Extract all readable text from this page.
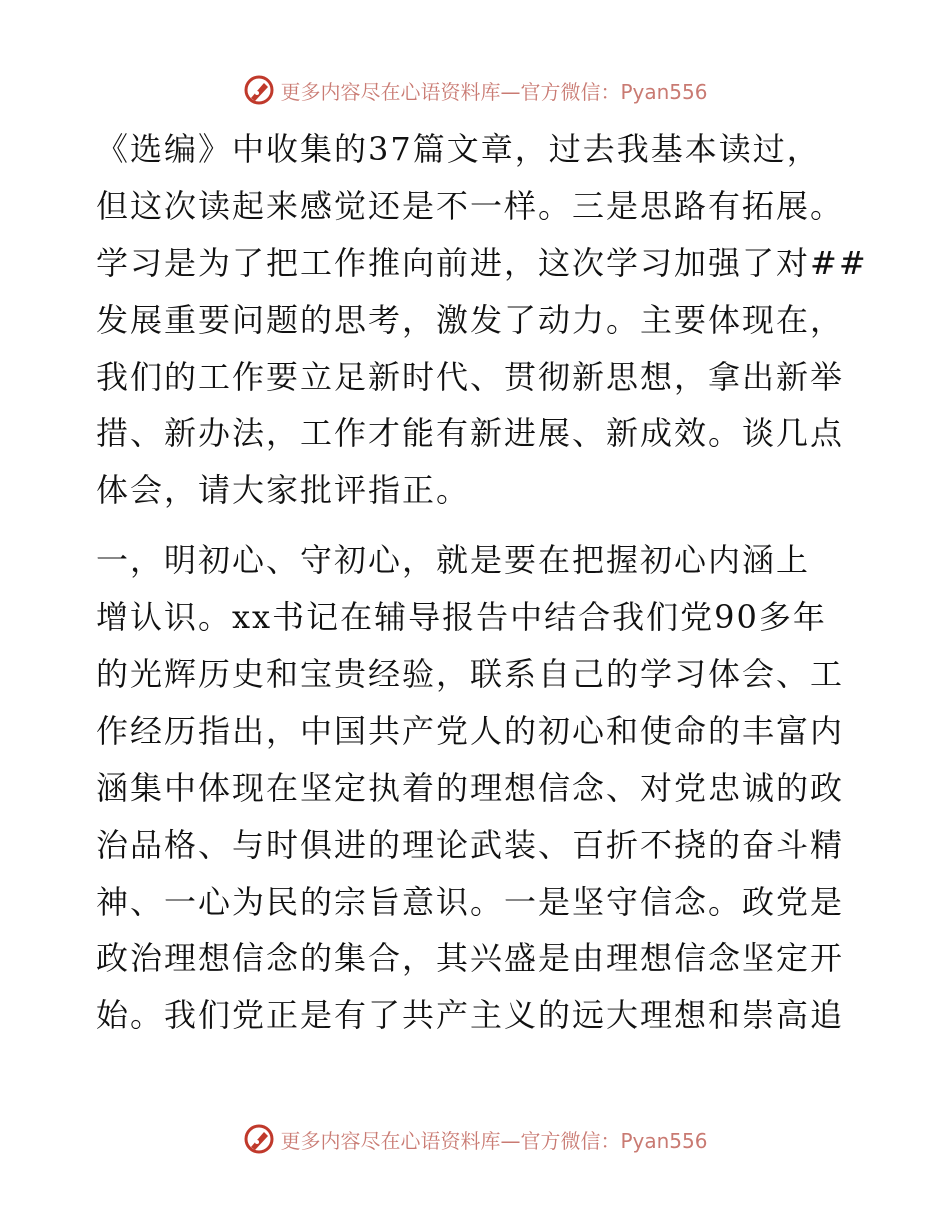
更多内容尽在心语资料库—官方微信：Pyan556
《选编》中收集的37篇文章，过去我基本读过，
但这次读起来感觉还是不一样。三是思路有拓展。
学习是为了把工作推向前进，这次学习加强了对##
发展重要问题的思考，激发了动力。主要体现在，
我们的工作要立足新时代、贯彻新思想，拿出新举
措、新办法，工作才能有新进展、新成效。谈几点
体会，请大家批评指正。
一，明初心、守初心，就是要在把握初心内涵上
增认识。xx书记在辅导报告中结合我们党90多年
的光辉历史和宝贵经验，联系自己的学习体会、工
作经历指出，中国共产党人的初心和使命的丰富内
涵集中体现在坚定执着的理想信念、对党忠诚的政
治品格、与时俱进的理论武装、百折不挠的奋斗精
神、一心为民的宗旨意识。一是坚守信念。政党是
政治理想信念的集合，其兴盛是由理想信念坚定开
始。我们党正是有了共产主义的远大理想和崇高追
更多内容尽在心语资料库—官方微信：Pyan556
